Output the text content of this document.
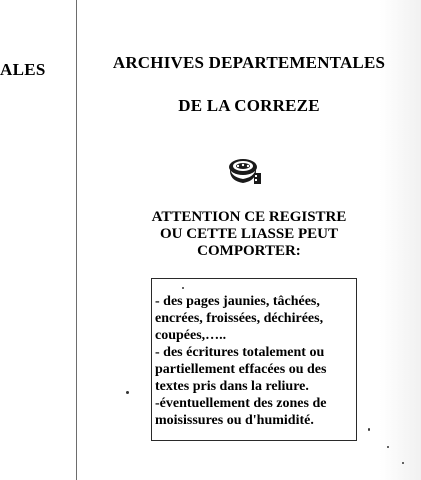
ALES	ARCHIVES DEPARTEMENTALES
DE LA CORREZE
ATTENTION CE REGISTRE
OU CETTE LIASSE PEUT
COMPORTER:
- des pages jaunies, tâchées, encrées, froissées, déchirées, coupées,…..
- des écritures totalement ou partiellement effacées ou des textes pris dans la reliure.
-éventuellement des zones de moisissures ou d'humidité.
